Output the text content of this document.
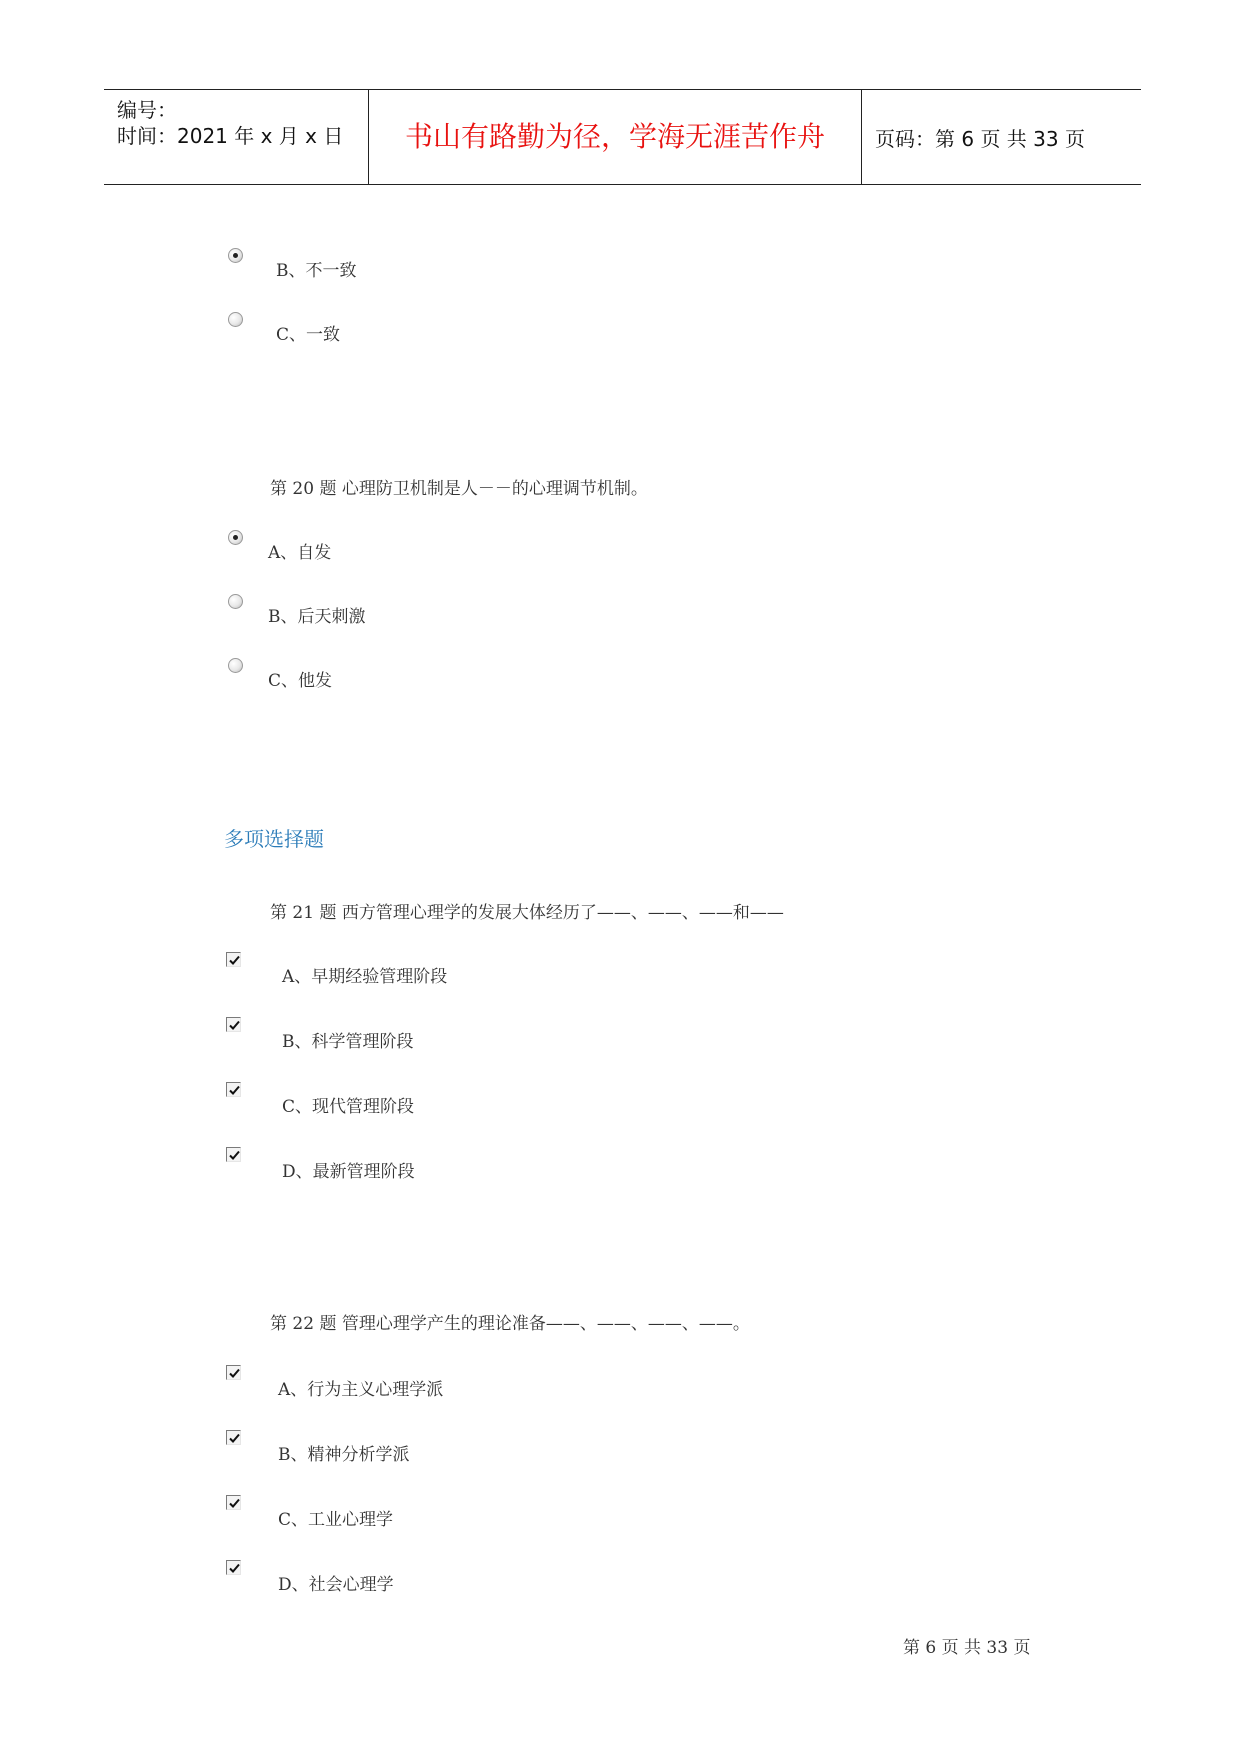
编号：
时间：2021 年 x 月 x 日	书山有路勤为径，学海无涯苦作舟	页码：第 6 页 共 33 页
B、不一致
C、一致
第 20 题 心理防卫机制是人－－的心理调节机制。
A、自发
B、后天刺激
C、他发
多项选择题
第 21 题 西方管理心理学的发展大体经历了——、——、——和——
A、早期经验管理阶段
B、科学管理阶段
C、现代管理阶段
D、最新管理阶段
第 22 题 管理心理学产生的理论准备——、——、——、——。
A、行为主义心理学派
B、精神分析学派
C、工业心理学
D、社会心理学
第 6 页 共 33 页
